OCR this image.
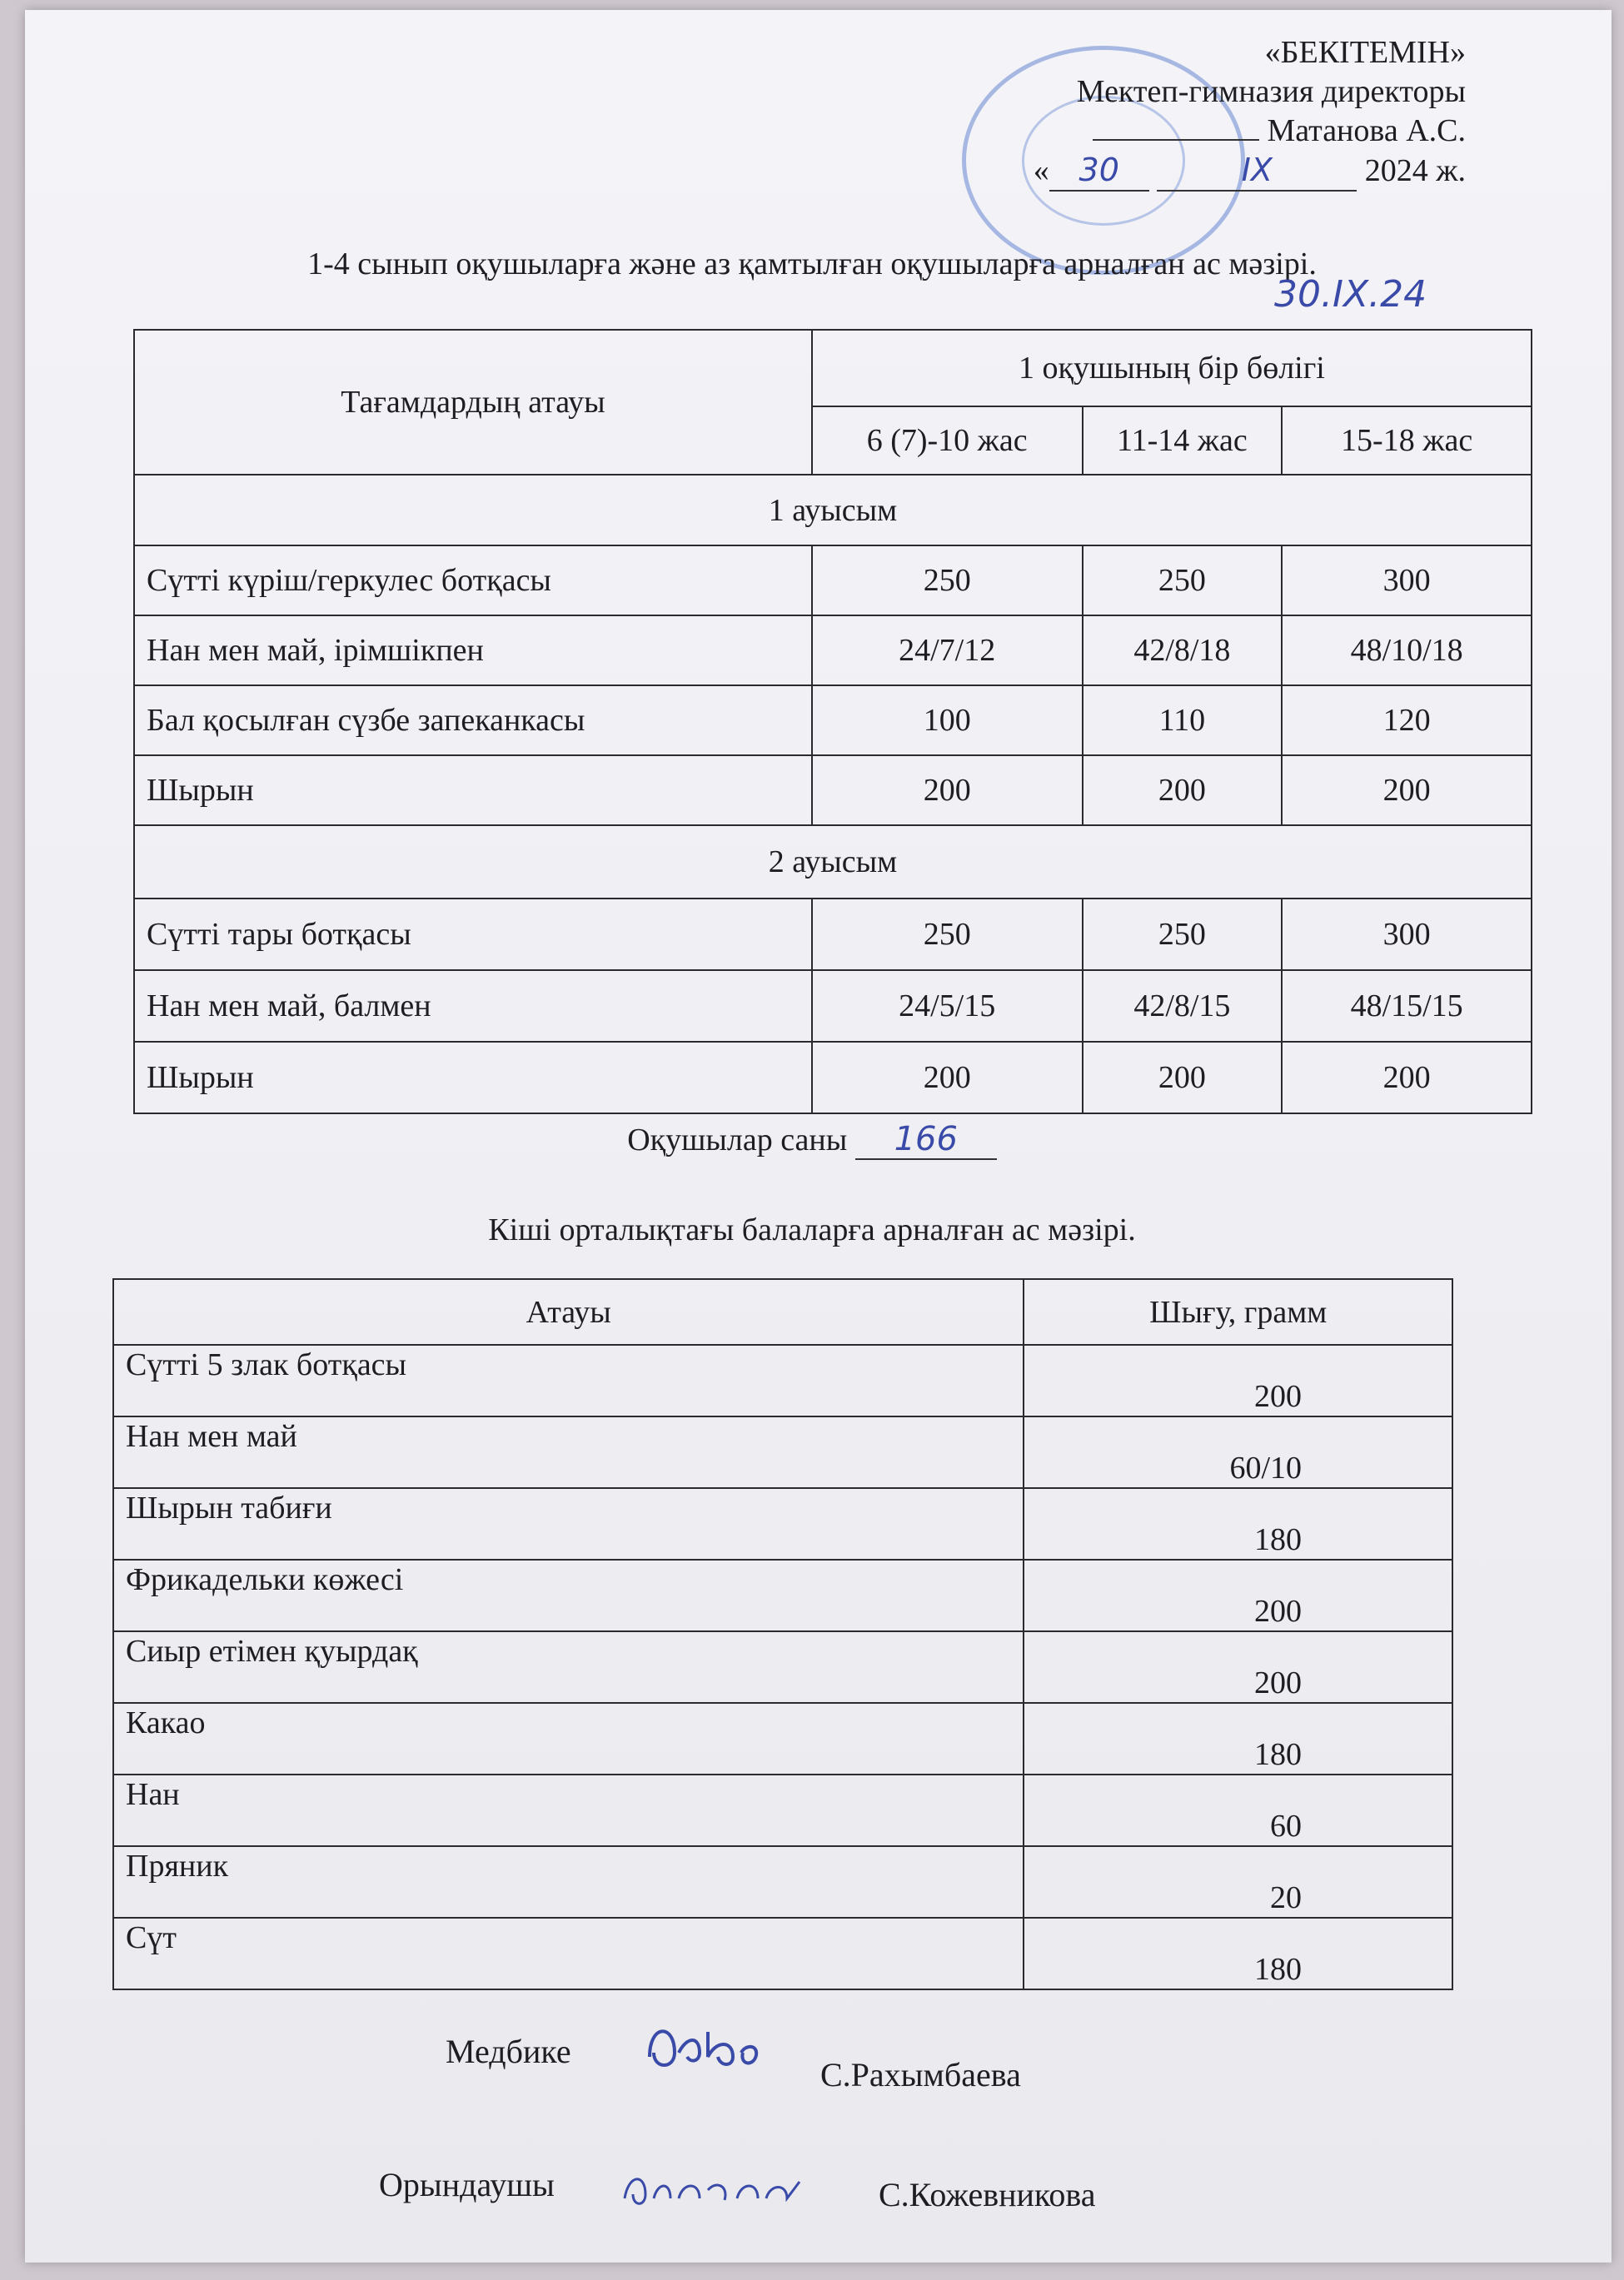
«БЕКІТЕМІН»
Мектеп-гимназия директоры
Матанова А.С.
« 30	IX	2024 ж.
1-4 сынып оқушыларға және аз қамтылған оқушыларға арналған ас мәзірі.
30.IX.24
Тағамдардың атауы	1 оқушының бір бөлігі		
	6 (7)-10 жас	11-14 жас	15-18 жас
1 ауысым			
Сүтті күріш/геркулес ботқасы	250	250	300
Нан мен май, ірімшікпен	24/7/12	42/8/18	48/10/18
Бал қосылған сүзбе запеканкасы	100	110	120
Шырын	200	200	200
2 ауысым			
Сүтті тары ботқасы	250	250	300
Нан мен май, балмен	24/5/15	42/8/15	48/15/15
Шырын	200	200	200
Оқушылар саны 166
Кіші орталықтағы балаларға арналған ас мәзірі.
Атауы	Шығу, грамм
Сүтті 5 злак ботқасы	200
Нан мен май	60/10
Шырын табиғи	180
Фрикадельки көжесі	200
Сиыр етімен қуырдақ	200
Какао	180
Нан	60
Пряник	20
Сүт	180
Медбике
С.Рахымбаева
Орындаушы	С.Кожевникова
